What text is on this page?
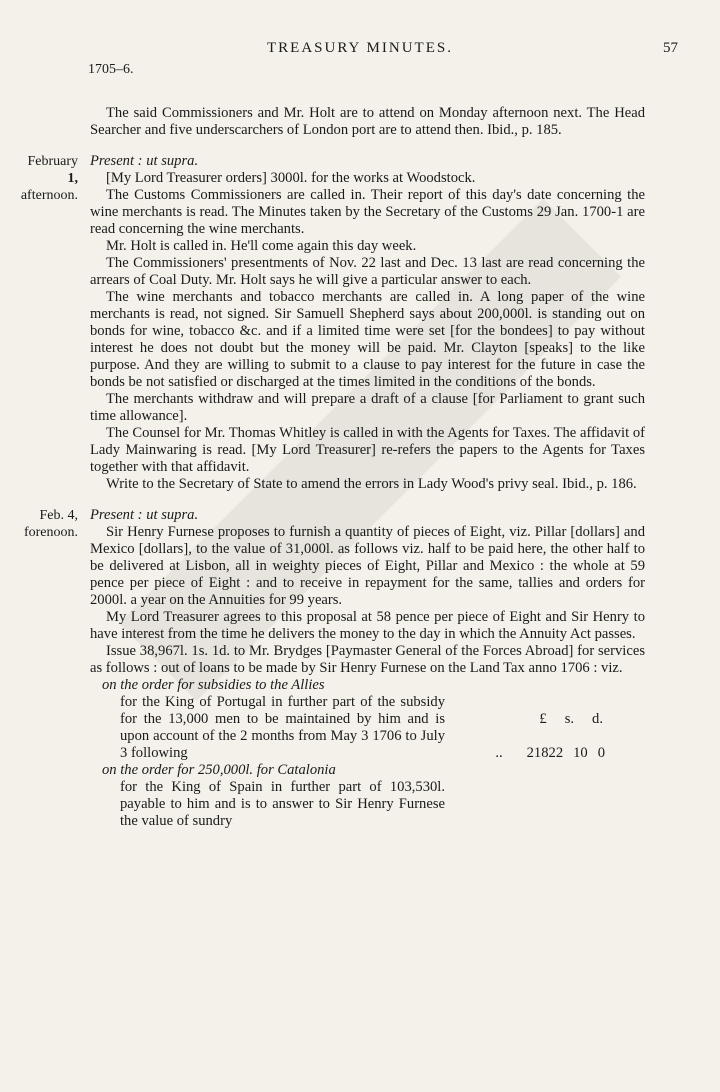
TREASURY MINUTES.	57
1705–6.

The said Commissioners and Mr. Holt are to attend on Monday afternoon next. The Head Searcher and five underscarchers of London port are to attend then. Ibid., p. 185.

February
1,
afternoon.

Present : ut supra.

[My Lord Treasurer orders] 3000l. for the works at Woodstock.

The Customs Commissioners are called in. Their report of this day's date concerning the wine merchants is read. The Minutes taken by the Secretary of the Customs 29 Jan. 1700-1 are read concerning the wine merchants.

Mr. Holt is called in. He'll come again this day week.

The Commissioners' presentments of Nov. 22 last and Dec. 13 last are read concerning the arrears of Coal Duty. Mr. Holt says he will give a particular answer to each.

The wine merchants and tobacco merchants are called in. A long paper of the wine merchants is read, not signed. Sir Samuell Shepherd says about 200,000l. is standing out on bonds for wine, tobacco &c. and if a limited time were set [for the bondees] to pay without interest he does not doubt but the money will be paid. Mr. Clayton [speaks] to the like purpose. And they are willing to submit to a clause to pay interest for the future in case the bonds be not satisfied or discharged at the times limited in the conditions of the bonds.

The merchants withdraw and will prepare a draft of a clause [for Parliament to grant such time allowance].

The Counsel for Mr. Thomas Whitley is called in with the Agents for Taxes. The affidavit of Lady Mainwaring is read. [My Lord Treasurer] re-refers the papers to the Agents for Taxes together with that affidavit.

Write to the Secretary of State to amend the errors in Lady Wood's privy seal. Ibid., p. 186.

Feb. 4,
forenoon.

Present : ut supra.

Sir Henry Furnese proposes to furnish a quantity of pieces of Eight, viz. Pillar [dollars] and Mexico [dollars], to the value of 31,000l. as follows viz. half to be paid here, the other half to be delivered at Lisbon, all in weighty pieces of Eight, Pillar and Mexico : the whole at 59 pence per piece of Eight : and to receive in repayment for the same, tallies and orders for 2000l. a year on the Annuities for 99 years.

My Lord Treasurer agrees to this proposal at 58 pence per piece of Eight and Sir Henry to have interest from the time he delivers the money to the day in which the Annuity Act passes.

Issue 38,967l. 1s. 1d. to Mr. Brydges [Paymaster General of the Forces Abroad] for services as follows : out of loans to be made by Sir Henry Furnese on the Land Tax anno 1706 : viz.

on the order for subsidies to the Allies

for the King of Portugal in further part of the subsidy for the 13,000 men to be maintained by him and is upon account of the 2 months from May 3 1706 to July 3 following

£ s. d.
.. 21822 10 0

on the order for 250,000l. for Catalonia

for the King of Spain in further part of 103,530l. payable to him and is to answer to Sir Henry Furnese the value of sundry
